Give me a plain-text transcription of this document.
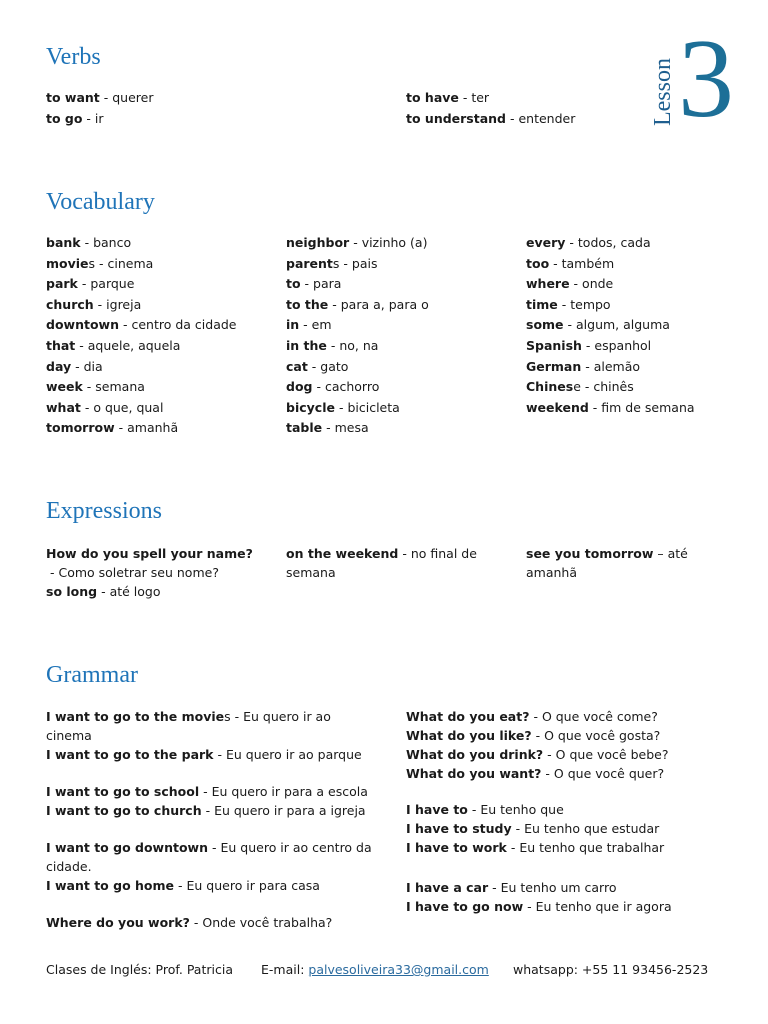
Lesson 3
Verbs
to want - querer
to go - ir
to have - ter
to understand - entender
Vocabulary
bank - banco
movies - cinema
park - parque
church - igreja
downtown - centro da cidade
that - aquele, aquela
day - dia
week - semana
what - o que, qual
tomorrow - amanhã
neighbor - vizinho (a)
parents - pais
to - para
to the - para a, para o
in - em
in the - no, na
cat - gato
dog - cachorro
bicycle - bicicleta
table - mesa
every - todos, cada
too - também
where - onde
time - tempo
some - algum, alguma
Spanish - espanhol
German - alemão
Chinese - chinês
weekend - fim de semana
Expressions
How do you spell your name? - Como soletrar seu nome?
so long - até logo
on the weekend - no final de semana
see you tomorrow – até amanhã
Grammar
I want to go to the movies - Eu quero ir ao cinema
I want to go to the park - Eu quero ir ao parque
I want to go to school - Eu quero ir para a escola
I want to go to church - Eu quero ir para a igreja
I want to go downtown - Eu quero ir ao centro da cidade.
I want to go home - Eu quero ir para casa
Where do you work? - Onde você trabalha?
What do you eat? - O que você come?
What do you like? - O que você gosta?
What do you drink? - O que você bebe?
What do you want? - O que você quer?
I have to - Eu tenho que
I have to study - Eu tenho que estudar
I have to work - Eu tenho que trabalhar
I have a car - Eu tenho um carro
I have to go now - Eu tenho que ir agora
Clases de Inglés: Prof. Patricia E-mail: palvesoliveira33@gmail.com whatsapp: +55 11 93456-2523
